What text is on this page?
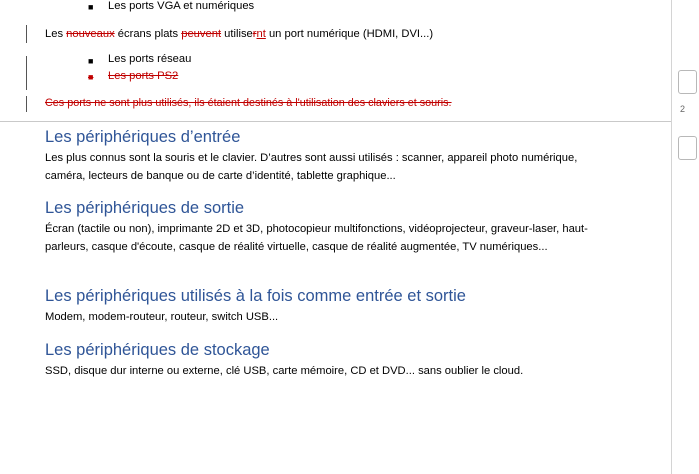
■ Les ports VGA et numériques
Les nouveaux écrans plats peuvent utilisernt un port numérique (HDMI, DVI...)
■ Les ports réseau
■ Les ports PS2
Ces ports ne sont plus utilisés, ils étaient destinés à l'utilisation des claviers et souris.
Les périphériques d’entrée
Les plus connus sont la souris et le clavier. D’autres sont aussi utilisés : scanner, appareil photo numérique, caméra, lecteurs de banque ou de carte d’identité, tablette graphique...
Les périphériques de sortie
Écran (tactile ou non), imprimante 2D et 3D, photocopieur multifonctions, vidéoprojecteur, graveur-laser, haut-parleurs, casque d'écoute, casque de réalité virtuelle, casque de réalité augmentée, TV numériques...
Les périphériques utilisés à la fois comme entrée et sortie
Modem, modem-routeur, routeur, switch USB...
Les périphériques de stockage
SSD, disque dur interne ou externe, clé USB, carte mémoire, CD et DVD... sans oublier le cloud.
2
